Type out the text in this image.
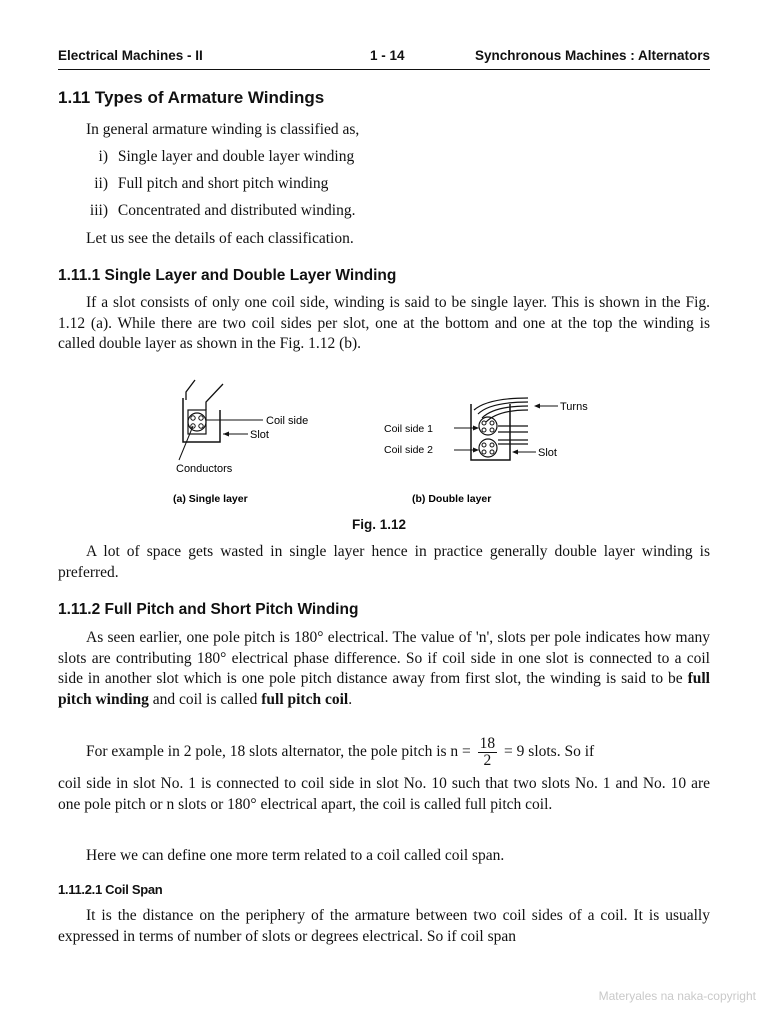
Electrical Machines - II	1 - 14	Synchronous Machines : Alternators
1.11 Types of Armature Windings
In general armature winding is classified as,
i) Single layer and double layer winding
ii) Full pitch and short pitch winding
iii) Concentrated and distributed winding.
Let us see the details of each classification.
1.11.1 Single Layer and Double Layer Winding
If a slot consists of only one coil side, winding is said to be single layer. This is shown in the Fig. 1.12 (a). While there are two coil sides per slot, one at the bottom and one at the top the winding is called double layer as shown in the Fig. 1.12 (b).
Coil side
Slot
Conductors
(a) Single layer
Turns
Coil side 1
Coil side 2	Slot
(b) Double layer
Fig. 1.12
A lot of space gets wasted in single layer hence in practice generally double layer winding is preferred.
1.11.2 Full Pitch and Short Pitch Winding
As seen earlier, one pole pitch is 180° electrical. The value of 'n', slots per pole indicates how many slots are contributing 180° electrical phase difference. So if coil side in one slot is connected to a coil side in another slot which is one pole pitch distance away from first slot, the winding is said to be full pitch winding and coil is called full pitch coil.
For example in 2 pole, 18 slots alternator, the pole pitch is $n = \frac{18}{2} = 9$ slots. So if
coil side in slot No. 1 is connected to coil side in slot No. 10 such that two slots No. 1 and No. 10 are one pole pitch or n slots or 180° electrical apart, the coil is called full pitch coil.
Here we can define one more term related to a coil called coil span.
1.11.2.1 Coil Span
It is the distance on the periphery of the armature between two coil sides of a coil. It is usually expressed in terms of number of slots or degrees electrical. So if coil span
Materyales na naka-copyright
